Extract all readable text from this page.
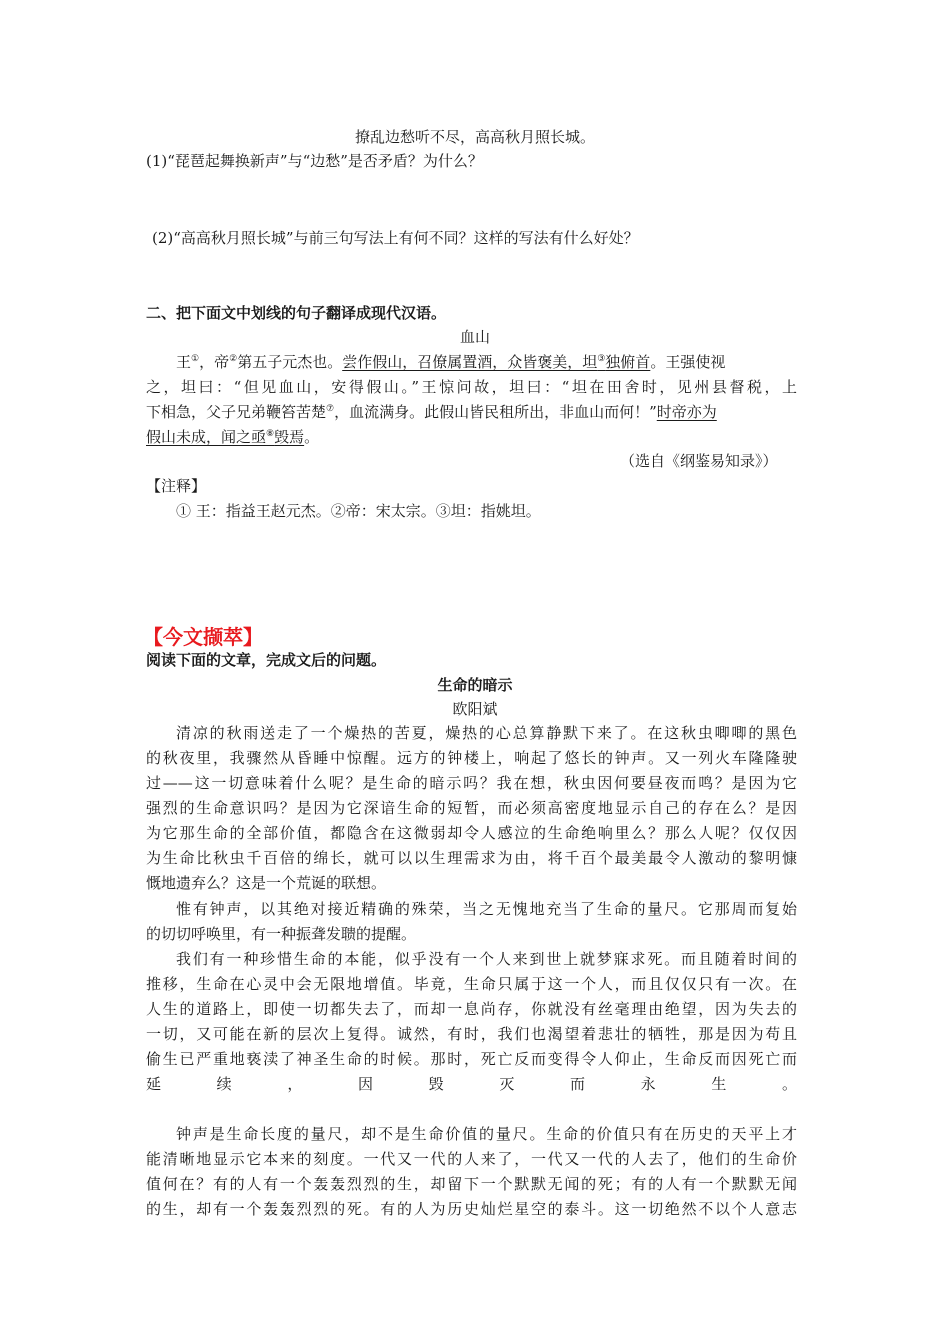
撩乱边愁听不尽，高高秋月照长城。
(1)“琵琶起舞换新声”与“边愁”是否矛盾？为什么？
(2)“高高秋月照长城”与前三句写法上有何不同？这样的写法有什么好处？
二、把下面文中划线的句子翻译成现代汉语。
血山
王①，帝②第五子元杰也。尝作假山，召僚属置酒，众皆褒美，坦③独俯首。王强使视
之，坦曰：“但见血山，安得假山。”王惊问故，坦曰：“坦在田舍时，见州县督税，上
下相急，父子兄弟鞭笞苦楚⑦，血流满身。此假山皆民租所出，非血山而何！”时帝亦为
假山未成，闻之亟⑧毁焉。
（选自《纲鉴易知录》）
【注释】
① 王：指益王赵元杰。②帝：宋太宗。③坦：指姚坦。
【今文撷萃】
阅读下面的文章，完成文后的问题。
生命的暗示
欧阳斌
清凉的秋雨送走了一个燥热的苦夏，燥热的心总算静默下来了。在这秋虫唧唧的黑色
的秋夜里，我骤然从昏睡中惊醒。远方的钟楼上，响起了悠长的钟声。又一列火车隆隆驶
过——这一切意味着什么呢？是生命的暗示吗？我在想，秋虫因何要昼夜而鸣？是因为它
强烈的生命意识吗？是因为它深谙生命的短暂，而必须高密度地显示自己的存在么？是因
为它那生命的全部价值，都隐含在这微弱却令人感泣的生命绝响里么？那么人呢？仅仅因
为生命比秋虫千百倍的绵长，就可以以生理需求为由，将千百个最美最令人激动的黎明慷
慨地遗弃么？这是一个荒诞的联想。
惟有钟声，以其绝对接近精确的殊荣，当之无愧地充当了生命的量尺。它那周而复始
的切切呼唤里，有一种振聋发聩的提醒。
我们有一种珍惜生命的本能，似乎没有一个人来到世上就梦寐求死。而且随着时间的
推移，生命在心灵中会无限地增值。毕竟，生命只属于这一个人，而且仅仅只有一次。在
人生的道路上，即使一切都失去了，而却一息尚存，你就没有丝毫理由绝望，因为失去的
一切，又可能在新的层次上复得。诚然，有时，我们也渴望着悲壮的牺牲，那是因为苟且
偷生已严重地亵渎了神圣生命的时候。那时，死亡反而变得令人仰止，生命反而因死亡而
延续，因毁灭而永生。
钟声是生命长度的量尺，却不是生命价值的量尺。生命的价值只有在历史的天平上才
能清晰地显示它本来的刻度。一代又一代的人来了，一代又一代的人去了，他们的生命价
值何在？有的人有一个轰轰烈烈的生，却留下一个默默无闻的死；有的人有一个默默无闻
的生，却有一个轰轰烈烈的死。有的人为历史灿烂星空的泰斗。这一切绝然不以个人意志
